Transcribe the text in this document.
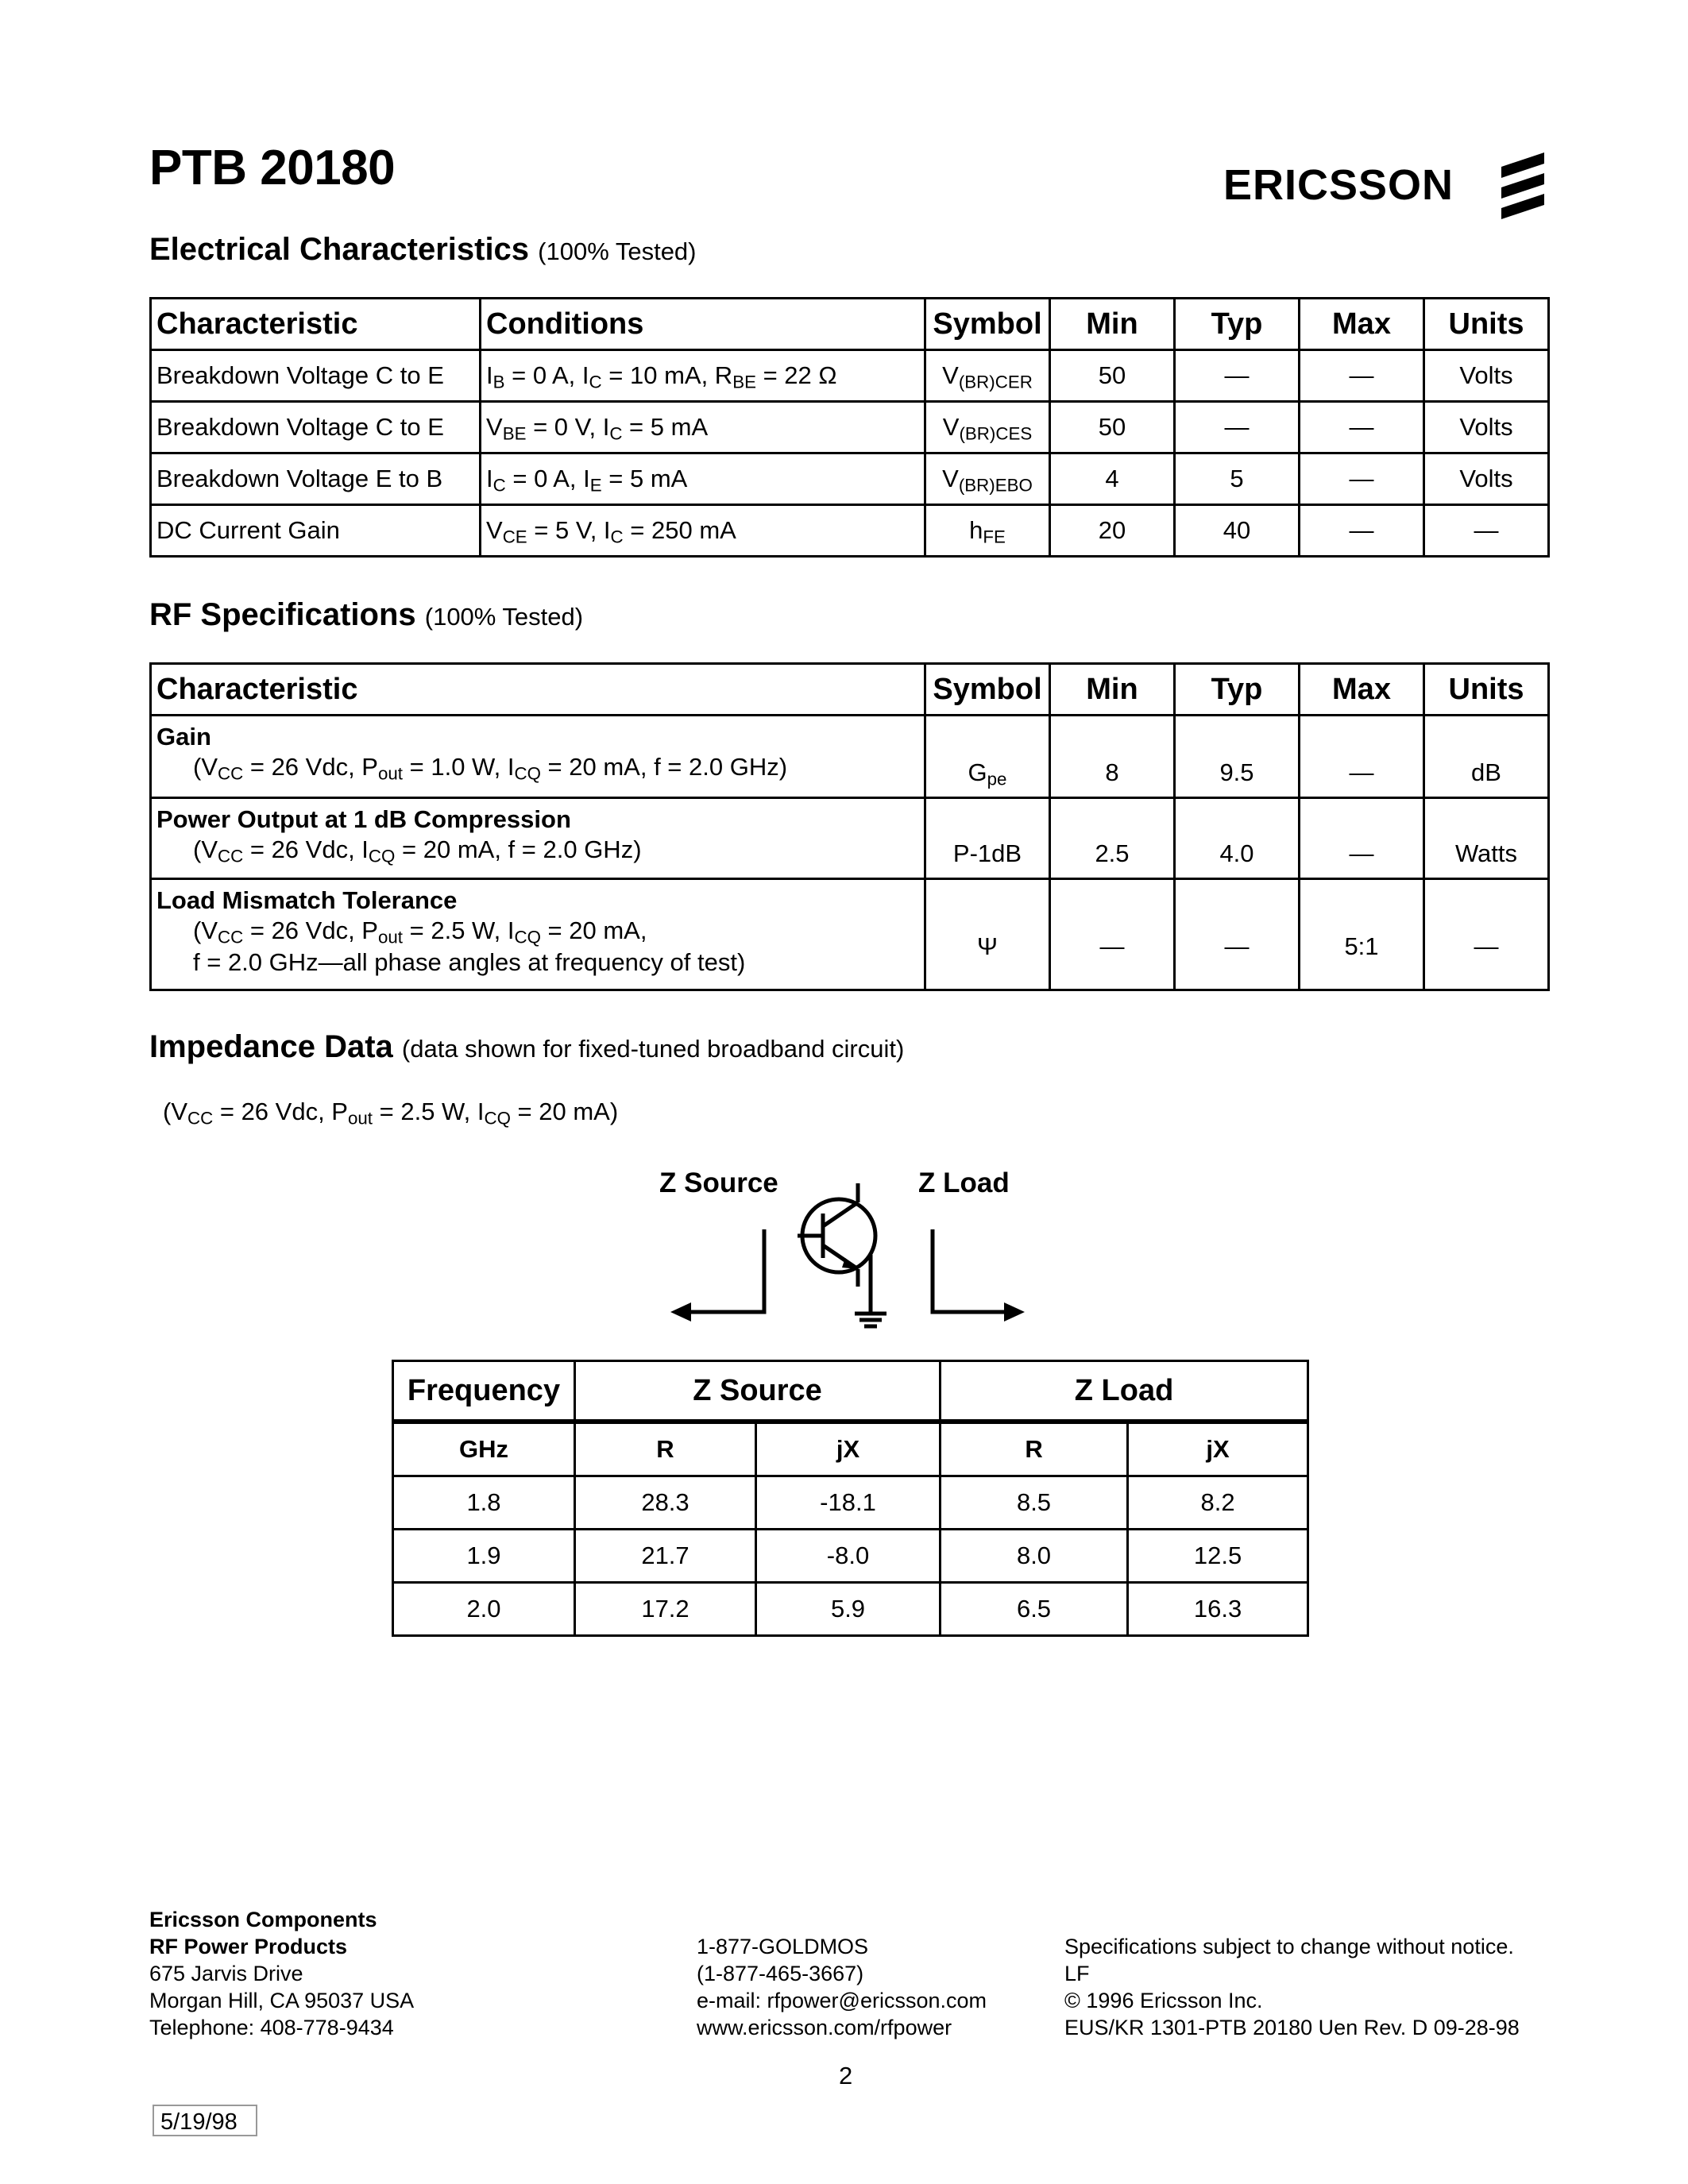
PTB 20180	ERICSSON
Electrical Characteristics (100% Tested)
Characteristic	Conditions	Symbol	Min	Typ	Max	Units
Breakdown Voltage C to E	$I_B = 0$ A, $I_C = 10$ mA, $R_{BE} = 22$ Ω	$V_{(BR)CER}$	50	—	—	Volts
Breakdown Voltage C to E	$V_{BE} = 0$ V, $I_C = 5$ mA	$V_{(BR)CES}$	50	—	—	Volts
Breakdown Voltage E to B	$I_C = 0$ A, $I_E = 5$ mA	$V_{(BR)EBO}$	4	5	—	Volts
DC Current Gain	$V_{CE} = 5$ V, $I_C = 250$ mA	$h_{FE}$	20	40	—	—
RF Specifications (100% Tested)
Characteristic	Symbol	Min	Typ	Max	Units

Gain
($V_{CC} = 26$ Vdc, $P_{out} = 1.0$ W, $I_{CQ} = 20$ mA, f = 2.0 GHz)	$G_{pe}$	8	9.5	—	dB

Power Output at 1 dB Compression
($V_{CC} = 26$ Vdc, $I_{CQ} = 20$ mA, f = 2.0 GHz)	P-1dB	2.5	4.0	—	Watts

Load Mismatch Tolerance
($V_{CC} = 26$ Vdc, $P_{out} = 2.5$ W, $I_{CQ} = 20$ mA,
f = 2.0 GHz—all phase angles at frequency of test)	Ψ	—	—	5:1	—
Impedance Data (data shown for fixed-tuned broadband circuit)
($V_{CC} = 26$ Vdc, $P_{out} = 2.5$ W, $I_{CQ} = 20$ mA)
Z Source	Z Load
Frequency	Z Source		Z Load	
GHz	R	jX	R	jX
1.8	28.3	-18.1	8.5	8.2
1.9	21.7	-8.0	8.0	12.5
2.0	17.2	5.9	6.5	16.3
Ericsson Components
RF Power Products
675 Jarvis Drive
Morgan Hill, CA 95037 USA
Telephone: 408-778-9434
1-877-GOLDMOS
(1-877-465-3667)
e-mail: rfpower@ericsson.com
www.ericsson.com/rfpower
Specifications subject to change without notice.
LF
© 1996 Ericsson Inc.
EUS/KR 1301-PTB 20180 Uen Rev. D 09-28-98
2
5/19/98
